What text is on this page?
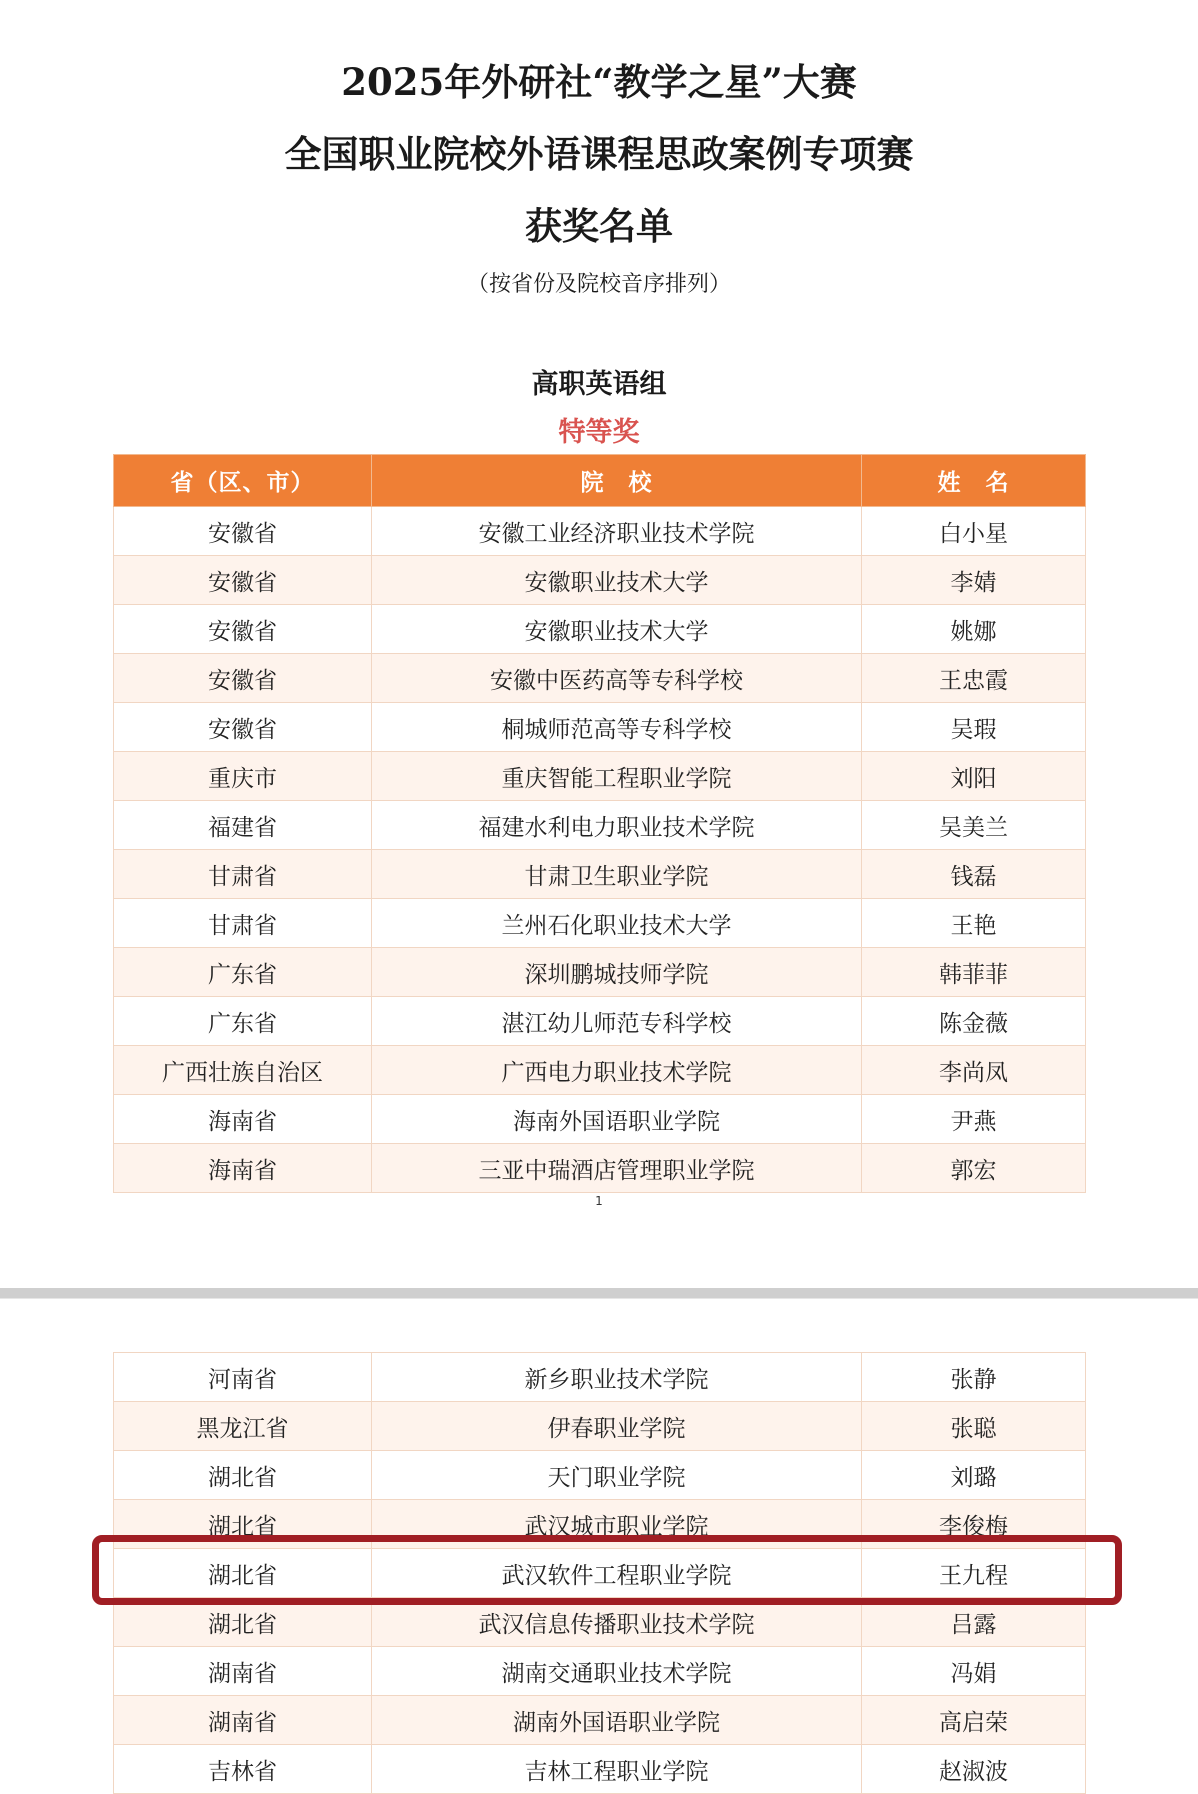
2025年外研社“教学之星”大赛
全国职业院校外语课程思政案例专项赛
获奖名单
（按省份及院校音序排列）
高职英语组
特等奖
省（区、市）	院　校	姓　名
安徽省	安徽工业经济职业技术学院	白小星
安徽省	安徽职业技术大学	李婧
安徽省	安徽职业技术大学	姚娜
安徽省	安徽中医药高等专科学校	王忠霞
安徽省	桐城师范高等专科学校	吴瑕
重庆市	重庆智能工程职业学院	刘阳
福建省	福建水利电力职业技术学院	吴美兰
甘肃省	甘肃卫生职业学院	钱磊
甘肃省	兰州石化职业技术大学	王艳
广东省	深圳鹏城技师学院	韩菲菲
广东省	湛江幼儿师范专科学校	陈金薇
广西壮族自治区	广西电力职业技术学院	李尚凤
海南省	海南外国语职业学院	尹燕
海南省	三亚中瑞酒店管理职业学院	郭宏
1
河南省	新乡职业技术学院	张静
黑龙江省	伊春职业学院	张聪
湖北省	天门职业学院	刘璐
湖北省	武汉城市职业学院	李俊梅
湖北省	武汉软件工程职业学院	王九程
湖北省	武汉信息传播职业技术学院	吕露
湖南省	湖南交通职业技术学院	冯娟
湖南省	湖南外国语职业学院	高启荣
吉林省	吉林工程职业学院	赵淑波
